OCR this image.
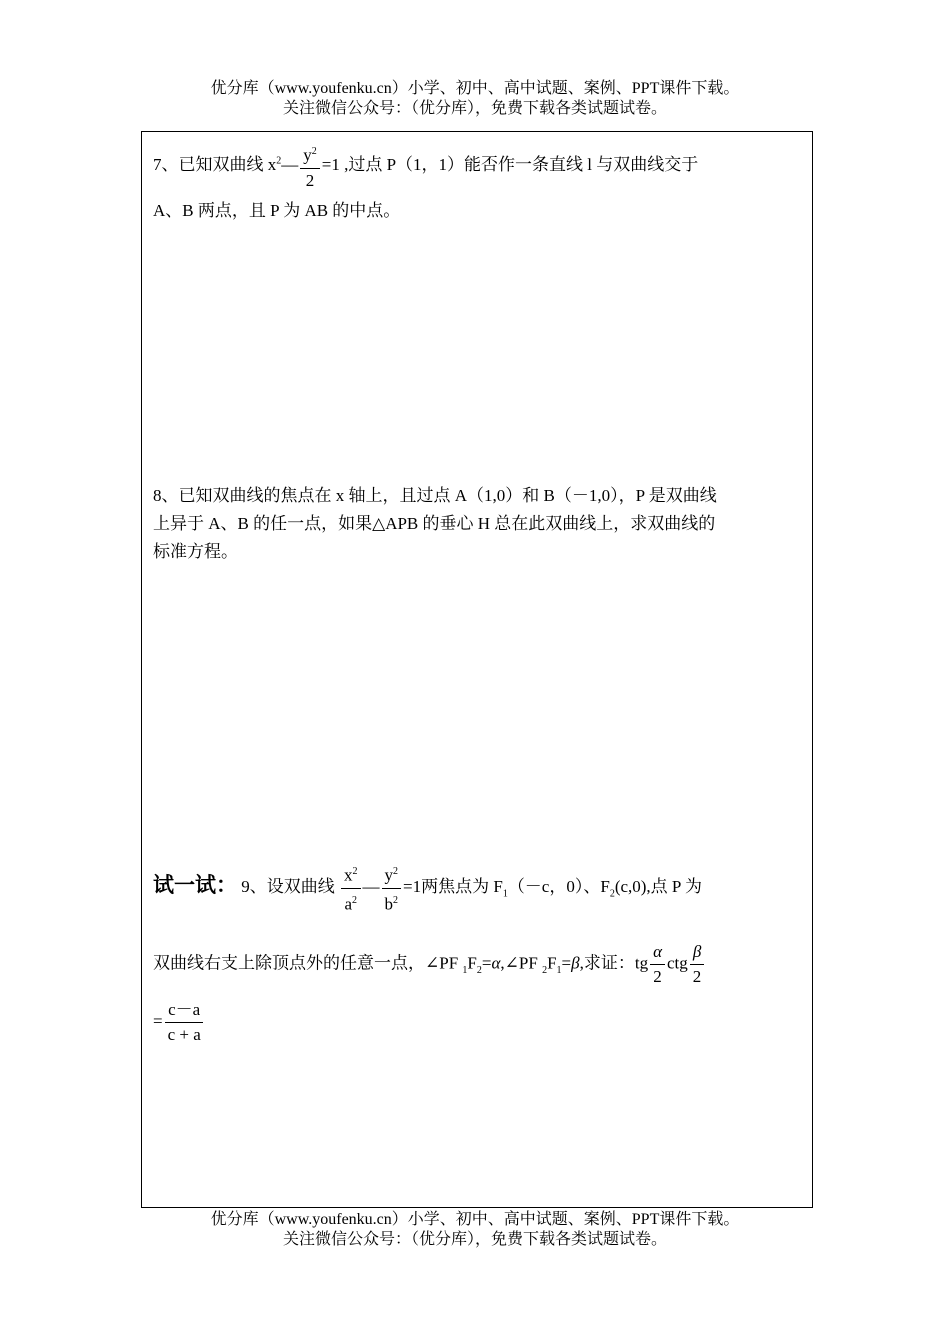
优分库（www.youfenku.cn）小学、初中、高中试题、案例、PPT课件下载。
关注微信公众号：（优分库），免费下载各类试题试卷。
7、已知双曲线 $x^2— \frac{y^2}{2} =1$ ,过点 P（1，1）能否作一条直线 l 与双曲线交于
A、B 两点，且 P 为 AB 的中点。
8、已知双曲线的焦点在 x 轴上，且过点 A（1,0）和 B（－1,0），P 是双曲线
上异于 A、B 的任一点，如果△APB 的垂心 H 总在此双曲线上，求双曲线的
标准方程。
试一试： 9、设双曲线 $\frac{x^2}{a^2}$ — $\frac{y^2}{b^2} =1$两焦点为 $F_1(-c$，0）、$F_2(c,0)$,点 P 为
双曲线右支上除顶点外的任意一点，∠PF $_1F_2=\alpha,\angle PF$ $_2F_1=\beta$,求证：tg $\frac{\alpha}{2}$ ctg $\frac{\beta}{2}$
= $\frac{c-a}{c + a}$
优分库（www.youfenku.cn）小学、初中、高中试题、案例、PPT课件下载。
关注微信公众号：（优分库），免费下载各类试题试卷。
